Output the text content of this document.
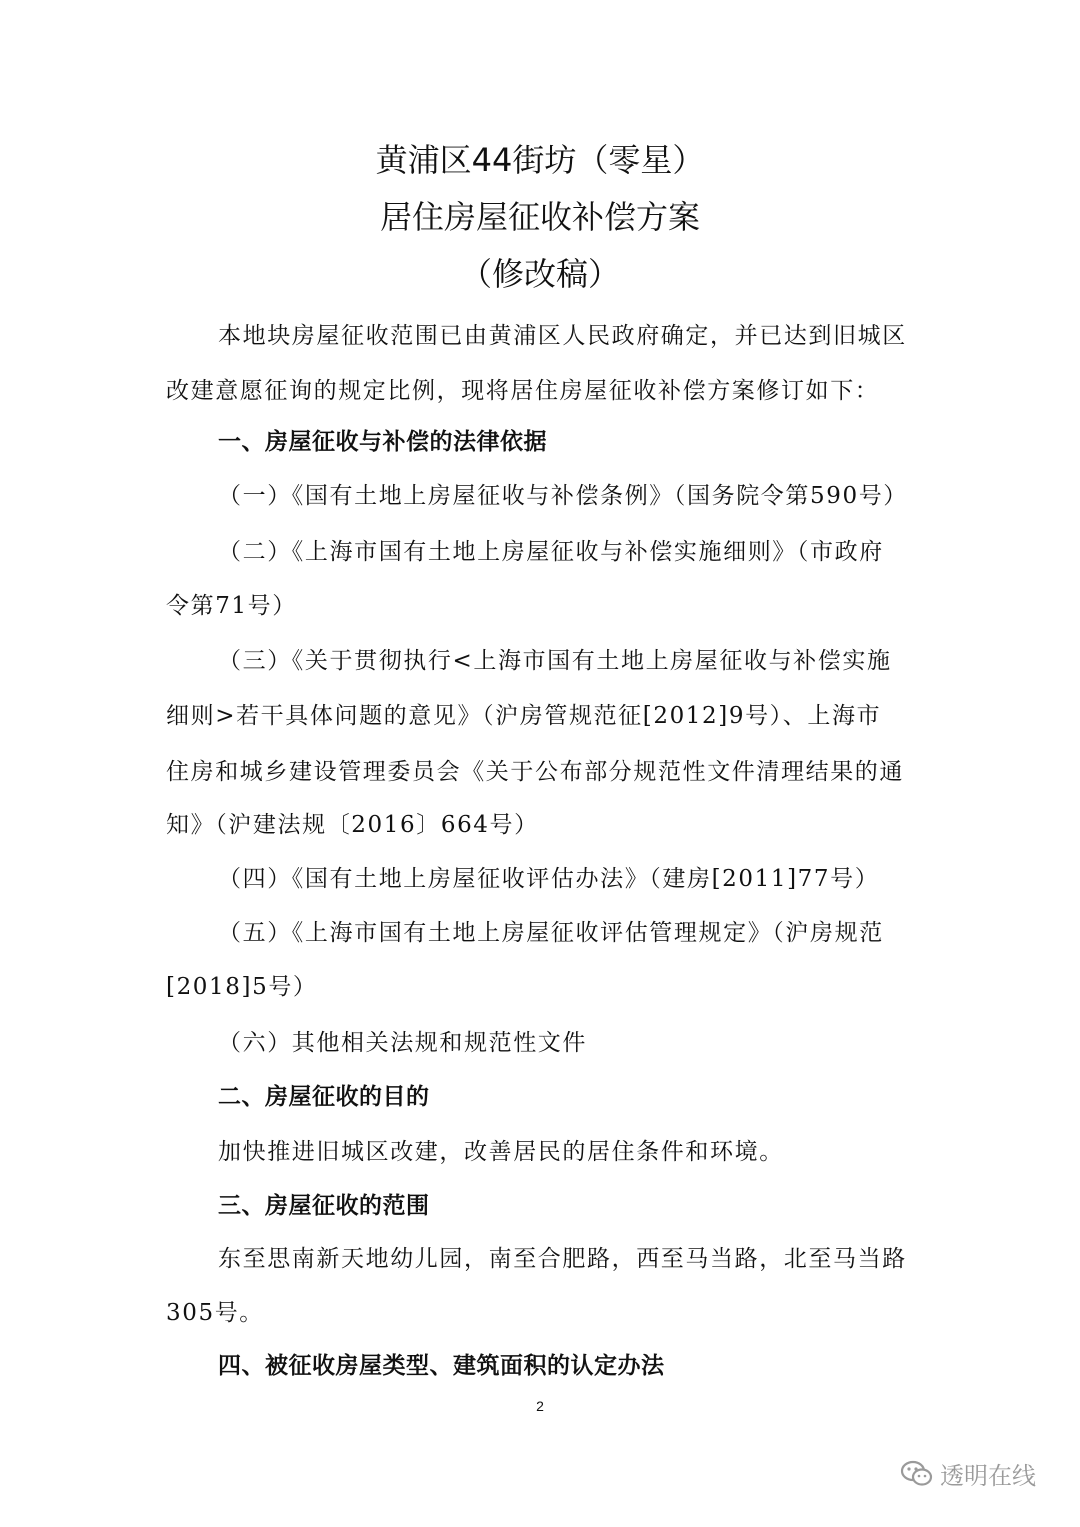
黄浦区44街坊（零星）
居住房屋征收补偿方案
（修改稿）
本地块房屋征收范围已由黄浦区人民政府确定，并已达到旧城区
改建意愿征询的规定比例，现将居住房屋征收补偿方案修订如下：
一、房屋征收与补偿的法律依据
（一）《国有土地上房屋征收与补偿条例》（国务院令第590号）
（二）《上海市国有土地上房屋征收与补偿实施细则》（市政府
令第71号）
（三）《关于贯彻执行<上海市国有土地上房屋征收与补偿实施
细则>若干具体问题的意见》（沪房管规范征[2012]9号）、上海市
住房和城乡建设管理委员会《关于公布部分规范性文件清理结果的通
知》（沪建法规〔2016〕664号）
（四）《国有土地上房屋征收评估办法》（建房[2011]77号）
（五）《上海市国有土地上房屋征收评估管理规定》（沪房规范
[2018]5号）
（六）其他相关法规和规范性文件
二、房屋征收的目的
加快推进旧城区改建，改善居民的居住条件和环境。
三、房屋征收的范围
东至思南新天地幼儿园，南至合肥路，西至马当路，北至马当路
305号。
四、被征收房屋类型、建筑面积的认定办法
2
透明在线
